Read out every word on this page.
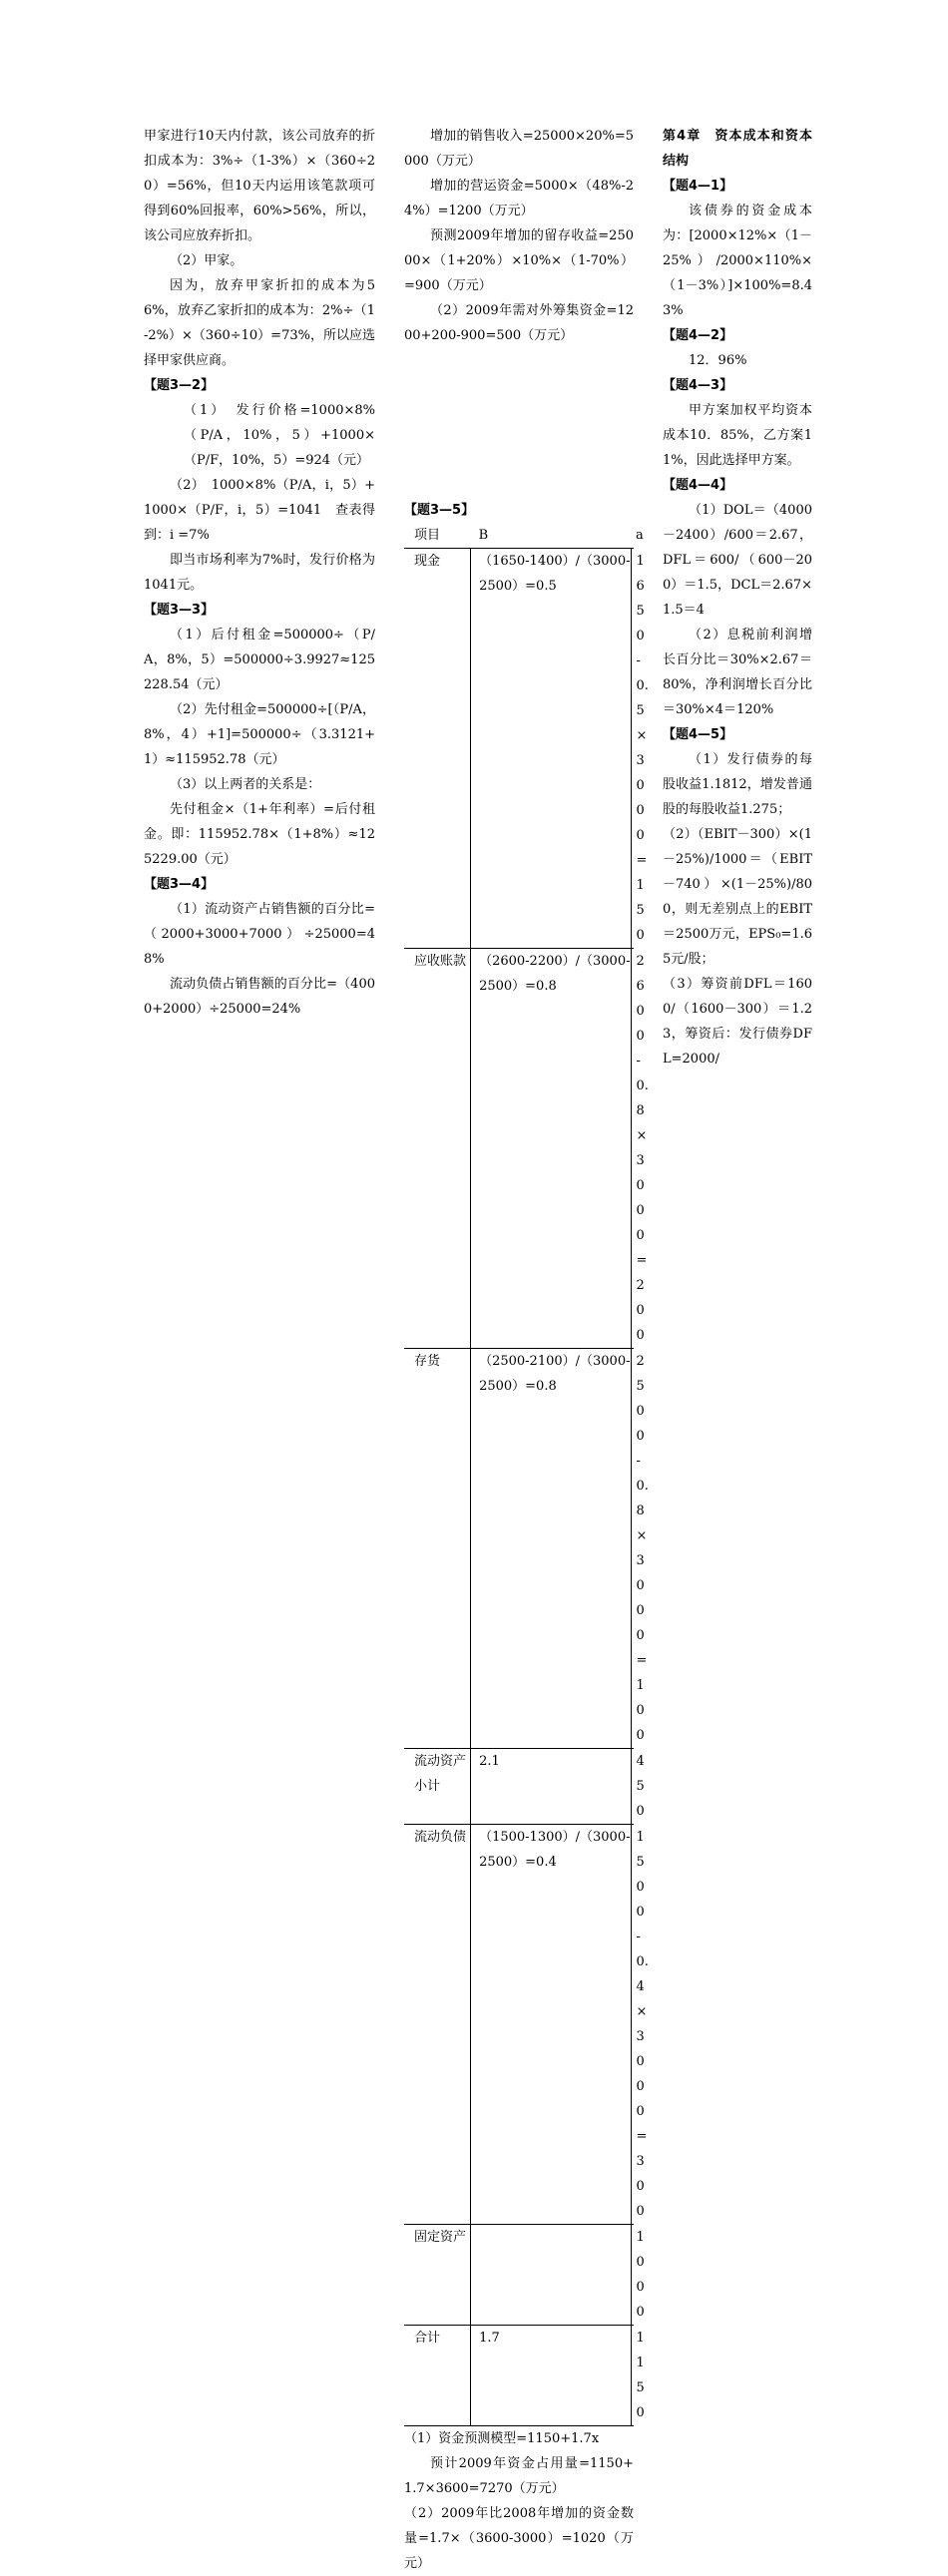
甲家进行10天内付款，该公司放弃的折扣成本为：3%÷（1-3%）×（360÷20）=56%，但10天内运用该笔款项可得到60%回报率，60%>56%，所以，该公司应放弃折扣。
（2）甲家。
因为，放弃甲家折扣的成本为56%，放弃乙家折扣的成本为：2%÷（1-2%）×（360÷10）=73%，所以应选择甲家供应商。
【题3—2】
（1）　发行价格=1000×8%（P/A，10%，5）+1000×（P/F，10%，5）=924（元）
（2）　1000×8%（P/A，i，5）+1000×（P/F，i，5）=1041　查表得到：i =7%
即当市场利率为7%时，发行价格为1041元。
【题3—3】
（1）后付租金=500000÷（P/A，8%，5）=500000÷3.9927≈125228.54（元）
（2）先付租金=500000÷[（P/A，8%，4）+1]=500000÷（3.3121+1）≈115952.78（元）
（3）以上两者的关系是：
先付租金×（1+年利率）=后付租金。即：115952.78×（1+8%）≈125229.00（元）
【题3—4】
（1）流动资产占销售额的百分比=（2000+3000+7000）÷25000=48%
流动负债占销售额的百分比=（4000+2000）÷25000=24%
增加的销售收入=25000×20%=5000（万元）
增加的营运资金=5000×（48%-24%）=1200（万元）
预测2009年增加的留存收益=25000×（1+20%）×10%×（1-70%）=900（万元）
（2）2009年需对外筹集资金=1200+200-900=500（万元）
【题3—5】
项目	B	a

现金	（1650-1400）/（3000-2500）=0.5	1650-0.5×3000=150

应收账款	（2600-2200）/（3000-2500）=0.8	2600-0.8×3000=200

存货	（2500-2100）/（3000-2500）=0.8	2500-0.8×3000=100

流动资产小计	2.1	450

流动负债	（1500-1300）/（3000-2500）=0.4	1500-0.4×3000=300

固定资产		1000

合计	1.7	1150
（1）资金预测模型=1150+1.7x
预计2009年资金占用量=1150+1.7×3600=7270（万元）
（2）2009年比2008年增加的资金数量=1.7×（3600-3000）=1020（万元）
第4章　资本成本和资本结构
【题4—1】
该债券的资金成本为：[2000×12%×（1－25%）/2000×110%×（1－3%）]×100%=8.43%
【题4—2】
12．96%
【题4—3】
甲方案加权平均资本成本10．85%，乙方案11%，因此选择甲方案。
【题4—4】
（1）DOL＝（4000－2400）/600＝2.67，DFL＝600/（600－200）＝1.5，DCL＝2.67×1.5＝4
（2）息税前利润增长百分比＝30%×2.67＝80%，净利润增长百分比＝30%×4＝120%
【题4—5】
（1）发行债券的每股收益1.1812，增发普通股的每股收益1.275；
（2）（EBIT－300）×(1－25%)/1000＝（EBIT－740）×(1－25%)/800，则无差别点上的EBIT＝2500万元，EPS₀=1.65元/股；
（3）筹资前DFL＝1600/（1600－300）＝1.23，筹资后：发行债券DFL=2000/
